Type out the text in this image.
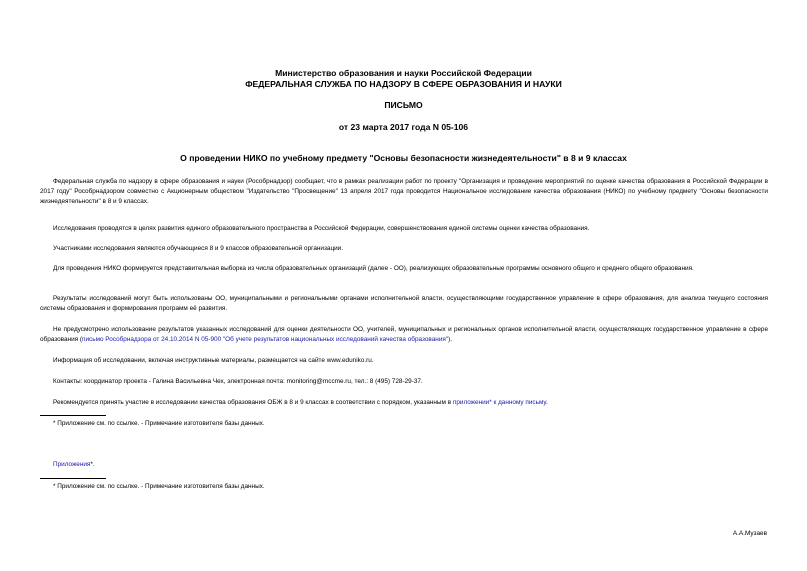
Министерство образования и науки Российской Федерации
ФЕДЕРАЛЬНАЯ СЛУЖБА ПО НАДЗОРУ В СФЕРЕ ОБРАЗОВАНИЯ И НАУКИ
ПИСЬМО
от 23 марта 2017 года N 05-106
О проведении НИКО по учебному предмету "Основы безопасности жизнедеятельности" в 8 и 9 классах

Федеральная служба по надзору в сфере образования и науки (Рособрнадзор) сообщает, что в рамках реализации работ по проекту "Организация и проведение мероприятий по оценке качества образования в Российской Федерации в 2017 году" Рособрнадзором совместно с Акционерным обществом "Издательство "Просвещение" 13 апреля 2017 года проводится Национальное исследование качества образования (НИКО) по учебному предмету "Основы безопасности жизнедеятельности" в 8 и 9 классах.

Исследования проводятся в целях развития единого образовательного пространства в Российской Федерации, совершенствования единой системы оценки качества образования.

Участниками исследования являются обучающиеся 8 и 9 классов образовательной организации.

Для проведения НИКО формируется представительная выборка из числа образовательных организаций (далее - ОО), реализующих образовательные программы основного общего и среднего общего образования.

Результаты исследований могут быть использованы ОО, муниципальными и региональными органами исполнительной власти, осуществляющими государственное управление в сфере образования, для анализа текущего состояния системы образования и формирования программ её развития.

Не предусмотрено использование результатов указанных исследований для оценки деятельности ОО, учителей, муниципальных и региональных органов исполнительной власти, осуществляющих государственное управление в сфере образования (письмо Рособрнадзора от 24.10.2014 N 05-900 "Об учете результатов национальных исследований качества образования").

Информация об исследовании, включая инструктивные материалы, размещается на сайте www.eduniko.ru.

Контакты: координатор проекта - Галина Васильевна Чех, электронная почта: monitoring@mccme.ru, тел.: 8 (495) 728-29-37.

Рекомендуется принять участие в исследовании качества образования ОБЖ в 8 и 9 классах в соответствии с порядком, указанным в приложении* к данному письму.

* Приложение см. по ссылке. - Примечание изготовителя базы данных.
Приложения*.
* Приложение см. по ссылке. - Примечание изготовителя базы данных.
А.А.Музаев
